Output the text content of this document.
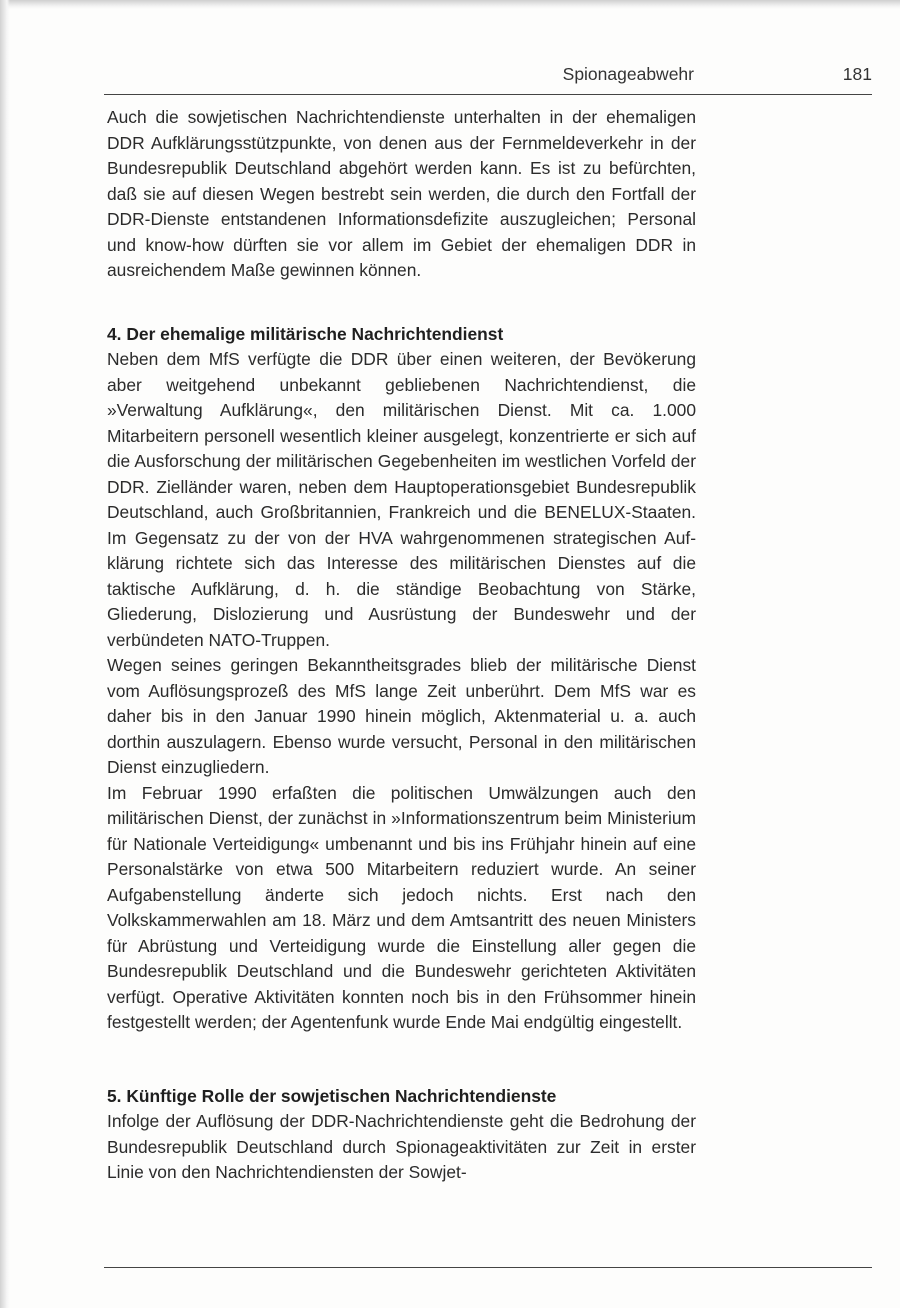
Spionageabwehr	181

Auch die sowjetischen Nachrichtendienste unterhalten in der ehemaligen DDR Aufklärungsstützpunkte, von denen aus der Fernmeldeverkehr in der Bundesrepublik Deutschland abgehört werden kann. Es ist zu befürchten, daß sie auf diesen Wegen bestrebt sein werden, die durch den Fortfall der DDR-Dienste entstandenen Informationsdefizite auszugleichen; Personal und know-how dürften sie vor allem im Gebiet der ehemaligen DDR in ausreichendem Maße gewinnen können.

4. Der ehemalige militärische Nachrichtendienst

Neben dem MfS verfügte die DDR über einen weiteren, der Bevökerung aber weitgehend unbekannt gebliebenen Nachrichtendienst, die »Verwaltung Aufklärung«, den militärischen Dienst. Mit ca. 1.000 Mitarbeitern personell wesentlich kleiner ausgelegt, konzentrierte er sich auf die Ausforschung der militärischen Gegebenheiten im westlichen Vorfeld der DDR. Zielländer waren, neben dem Hauptoperationsgebiet Bundesrepublik Deutschland, auch Großbritannien, Frankreich und die BENELUX-Staaten. Im Gegensatz zu der von der HVA wahrgenommenen strategischen Aufklärung richtete sich das Interesse des militärischen Dienstes auf die taktische Aufklärung, d. h. die ständige Beobachtung von Stärke, Gliederung, Dislozierung und Ausrüstung der Bundeswehr und der verbündeten NATO-Truppen.

Wegen seines geringen Bekanntheitsgrades blieb der militärische Dienst vom Auflösungsprozeß des MfS lange Zeit unberührt. Dem MfS war es daher bis in den Januar 1990 hinein möglich, Aktenmaterial u. a. auch dorthin auszulagern. Ebenso wurde versucht, Personal in den militärischen Dienst einzugliedern.

Im Februar 1990 erfaßten die politischen Umwälzungen auch den militärischen Dienst, der zunächst in »Informationszentrum beim Ministerium für Nationale Verteidigung« umbenannt und bis ins Frühjahr hinein auf eine Personalstärke von etwa 500 Mitarbeitern reduziert wurde. An seiner Aufgabenstellung änderte sich jedoch nichts. Erst nach den Volkskammerwahlen am 18. März und dem Amtsantritt des neuen Ministers für Abrüstung und Verteidigung wurde die Einstellung aller gegen die Bundesrepublik Deutschland und die Bundeswehr gerichteten Aktivitäten verfügt. Operative Aktivitäten konnten noch bis in den Frühsommer hinein festgestellt werden; der Agentenfunk wurde Ende Mai endgültig eingestellt.

5. Künftige Rolle der sowjetischen Nachrichtendienste

Infolge der Auflösung der DDR-Nachrichtendienste geht die Bedrohung der Bundesrepublik Deutschland durch Spionageaktivitäten zur Zeit in erster Linie von den Nachrichtendiensten der Sowjet-
